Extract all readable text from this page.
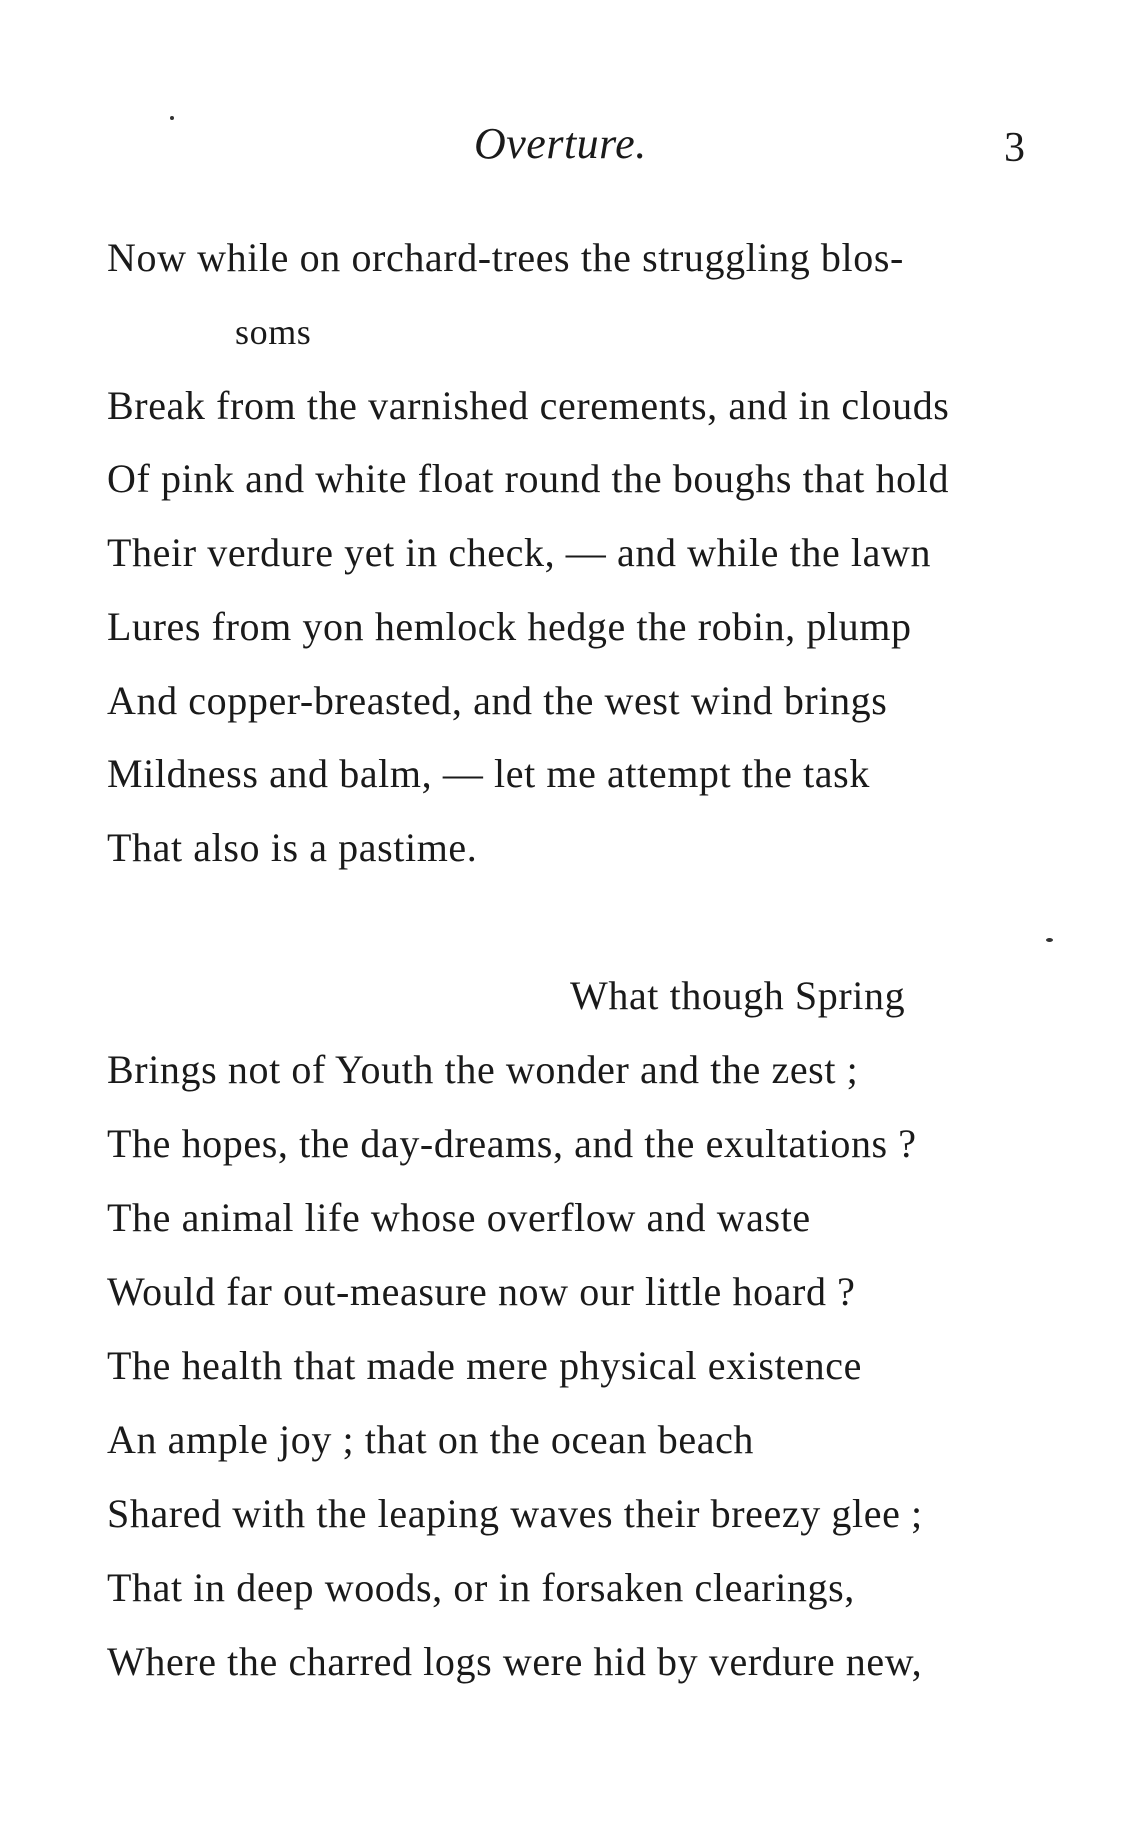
Overture.	3
Now while on orchard-trees the struggling blos-
soms
Break from the varnished cerements, and in clouds
Of pink and white float round the boughs that hold
Their verdure yet in check, — and while the lawn
Lures from yon hemlock hedge the robin, plump
And copper-breasted, and the west wind brings
Mildness and balm, — let me attempt the task
That also is a pastime.
What though Spring
Brings not of Youth the wonder and the zest ;
The hopes, the day-dreams, and the exultations ?
The animal life whose overflow and waste
Would far out-measure now our little hoard ?
The health that made mere physical existence
An ample joy ; that on the ocean beach
Shared with the leaping waves their breezy glee ;
That in deep woods, or in forsaken clearings,
Where the charred logs were hid by verdure new,
